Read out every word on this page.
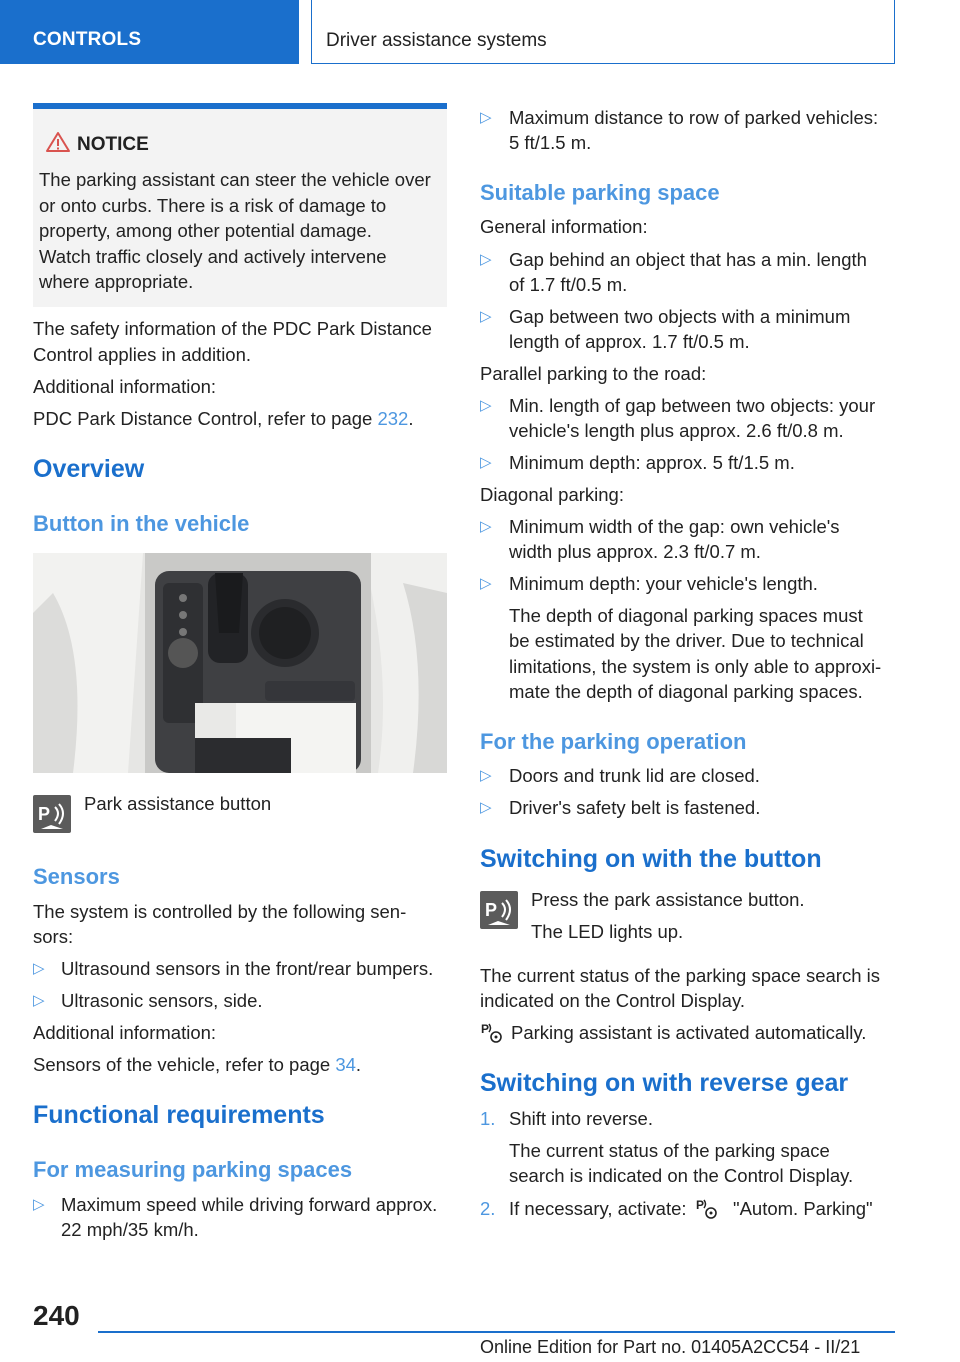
CONTROLS	Driver assistance systems
NOTICE
The parking assistant can steer the vehicle over
or onto curbs. There is a risk of damage to
property, among other potential damage.
Watch traffic closely and actively intervene
where appropriate.
The safety information of the PDC Park Distance
Control applies in addition.
Additional information:
PDC Park Distance Control, refer to page 232.
Overview
Button in the vehicle
P Park assistance button
Sensors
The system is controlled by the following sen-
sors:
▷ Ultrasound sensors in the front/rear bumpers.
▷ Ultrasonic sensors, side.
Additional information:
Sensors of the vehicle, refer to page 34.
Functional requirements
For measuring parking spaces
▷ Maximum speed while driving forward approx.
22 mph/35 km/h.
▷ Maximum distance to row of parked vehicles:
5 ft/1.5 m.
Suitable parking space
General information:
▷ Gap behind an object that has a min. length
of 1.7 ft/0.5 m.
▷ Gap between two objects with a minimum
length of approx. 1.7 ft/0.5 m.
Parallel parking to the road:
▷ Min. length of gap between two objects: your
vehicle's length plus approx. 2.6 ft/0.8 m.
▷ Minimum depth: approx. 5 ft/1.5 m.
Diagonal parking:
▷ Minimum width of the gap: own vehicle's
width plus approx. 2.3 ft/0.7 m.
▷ Minimum depth: your vehicle's length.
The depth of diagonal parking spaces must
be estimated by the driver. Due to technical
limitations, the system is only able to approxi-
mate the depth of diagonal parking spaces.
For the parking operation
▷ Doors and trunk lid are closed.
▷ Driver's safety belt is fastened.
Switching on with the button
P Press the park assistance button.
The LED lights up.
The current status of the parking space search is
indicated on the Control Display.
P Parking assistant is activated automatically.
Switching on with reverse gear
1. Shift into reverse.
The current status of the parking space
search is indicated on the Control Display.
2. If necessary, activate: P "Autom. Parking"
240
Online Edition for Part no. 01405A2CC54 - II/21
